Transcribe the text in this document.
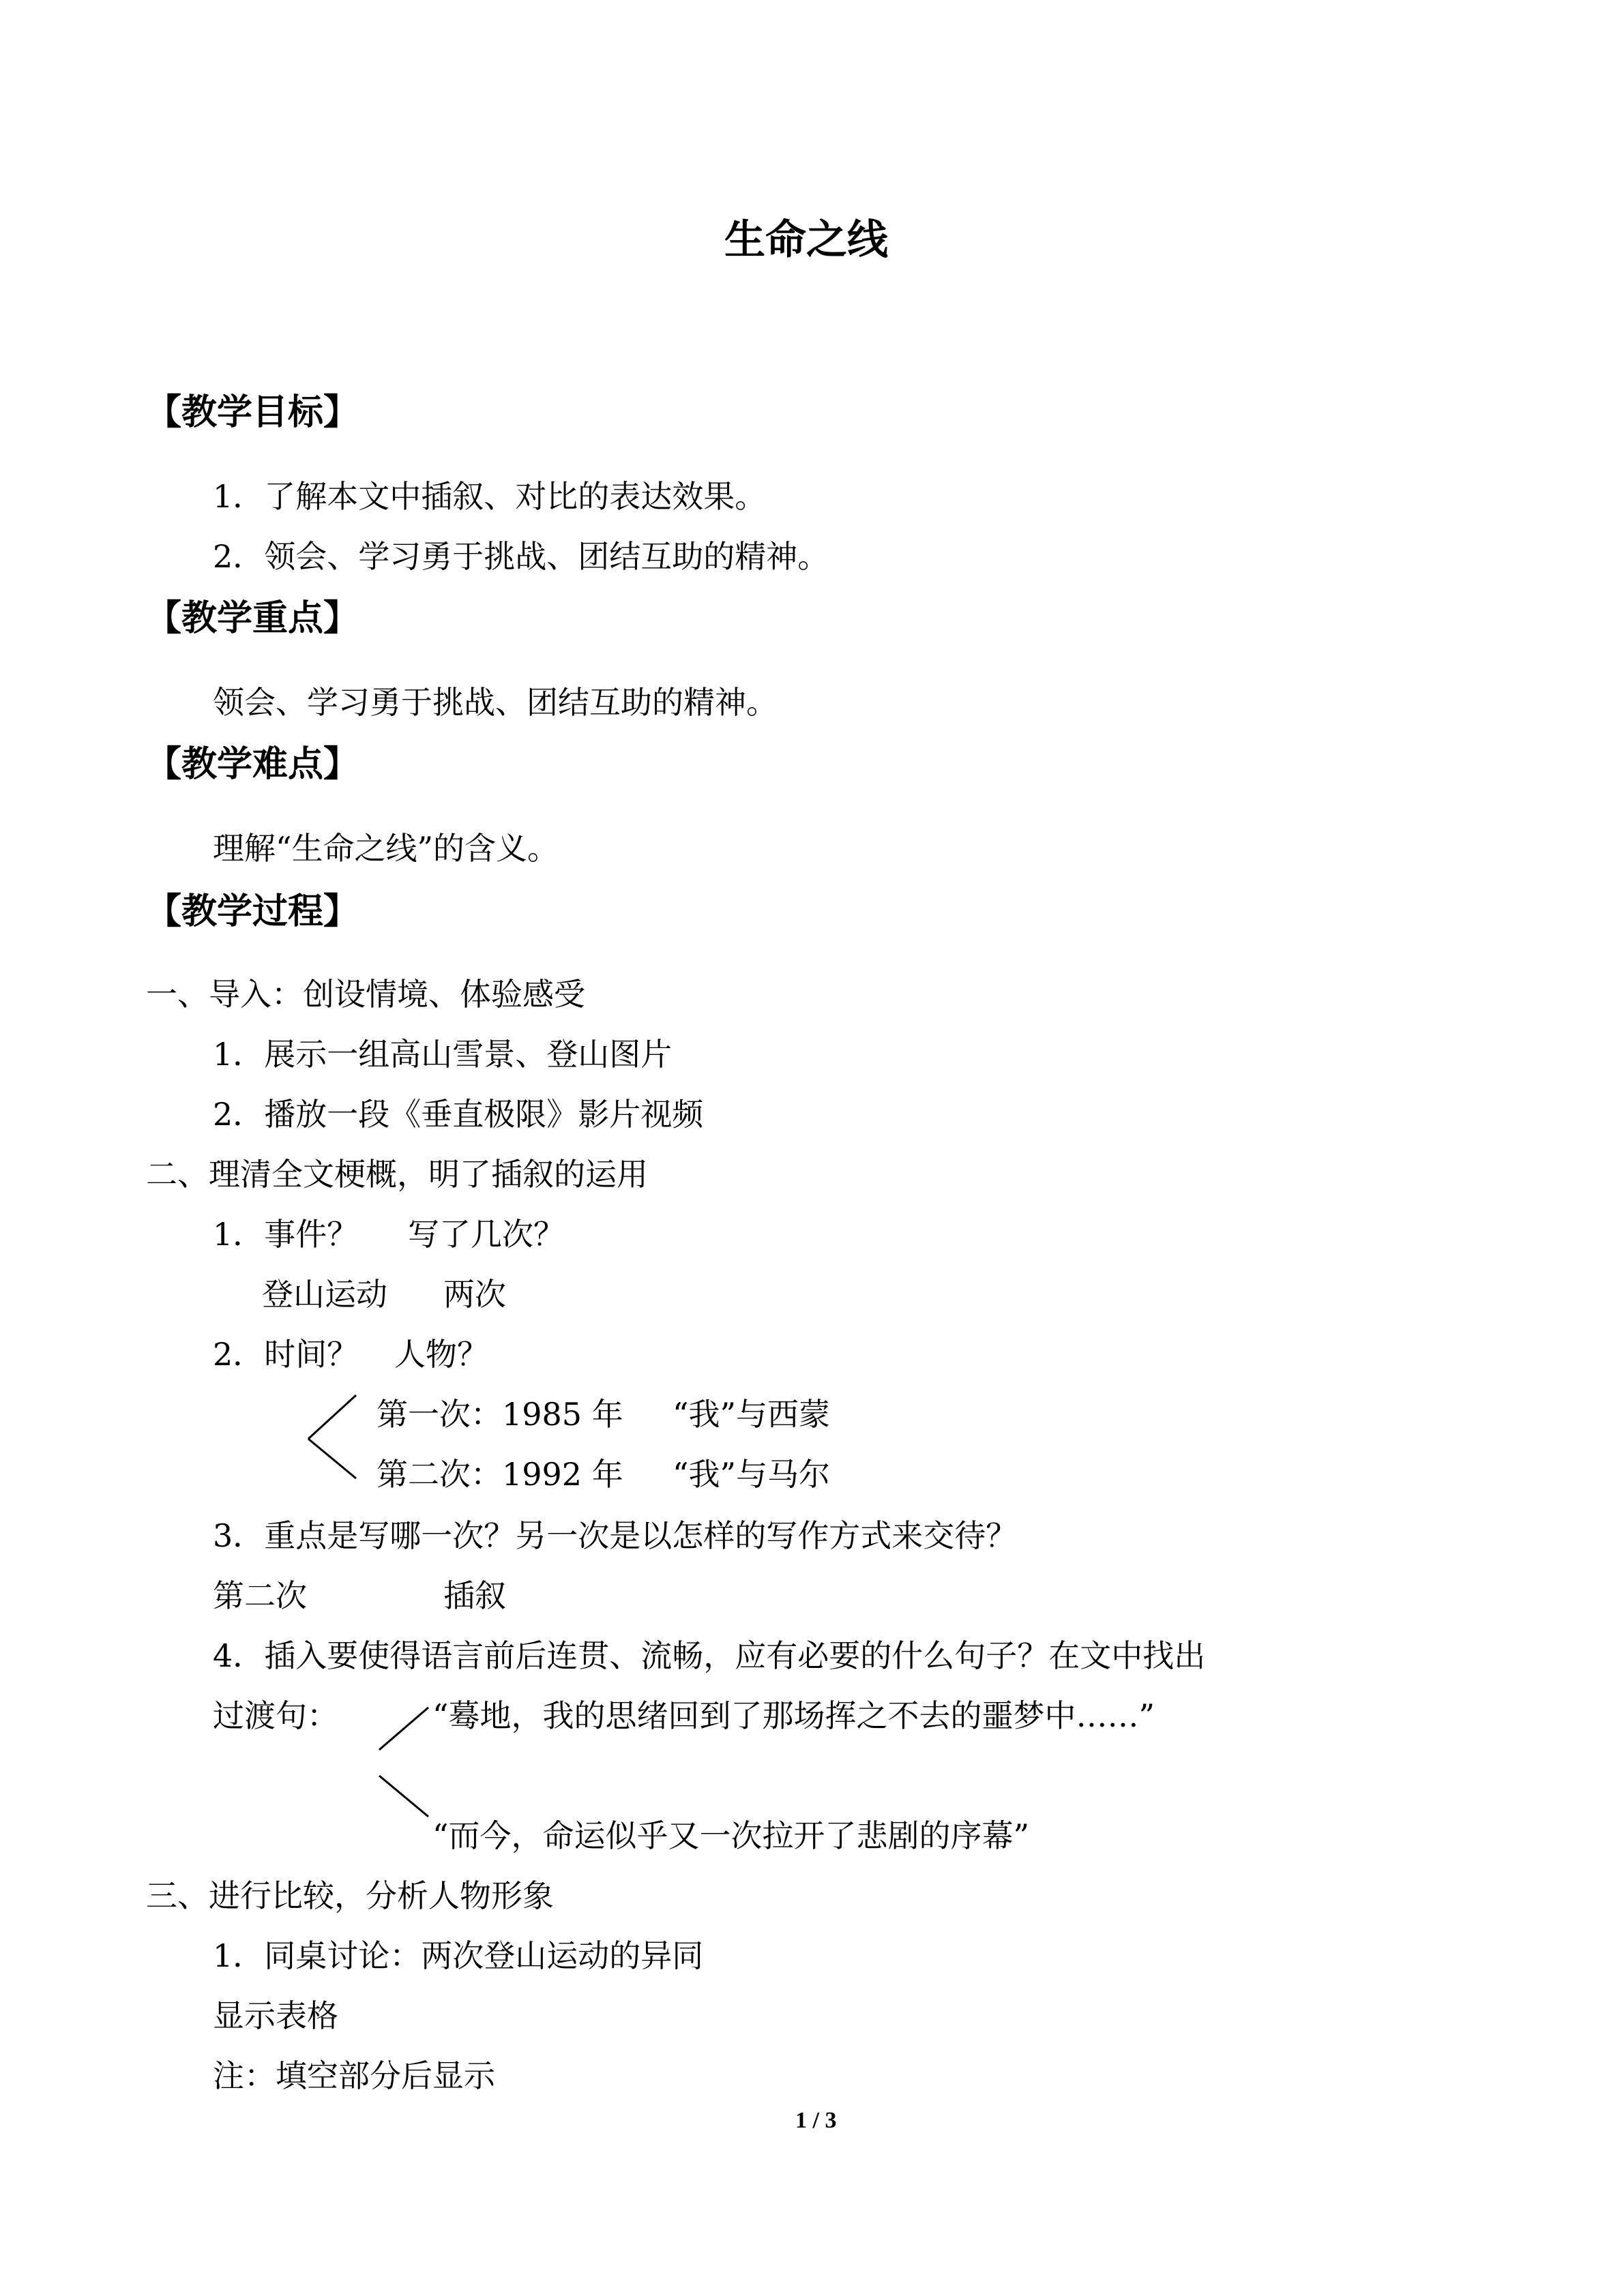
生命之线
【教学目标】
1．了解本文中插叙、对比的表达效果。
2．领会、学习勇于挑战、团结互助的精神。
【教学重点】
领会、学习勇于挑战、团结互助的精神。
【教学难点】
理解“生命之线”的含义。
【教学过程】
一、导入：创设情境、体验感受
1．展示一组高山雪景、登山图片
2．播放一段《垂直极限》影片视频
二、理清全文梗概，明了插叙的运用
1．事件？ 写了几次？
登山运动 两次
2．时间？ 人物？
第一次：1985 年 “我”与西蒙
第二次：1992 年 “我”与马尔
3．重点是写哪一次？另一次是以怎样的写作方式来交待？
第二次	插叙
4．插入要使得语言前后连贯、流畅，应有必要的什么句子？在文中找出
过渡句：	“蓦地，我的思绪回到了那场挥之不去的噩梦中……”
“而今，命运似乎又一次拉开了悲剧的序幕”
三、进行比较，分析人物形象
1．同桌讨论：两次登山运动的异同
显示表格
注：填空部分后显示
1 / 3
